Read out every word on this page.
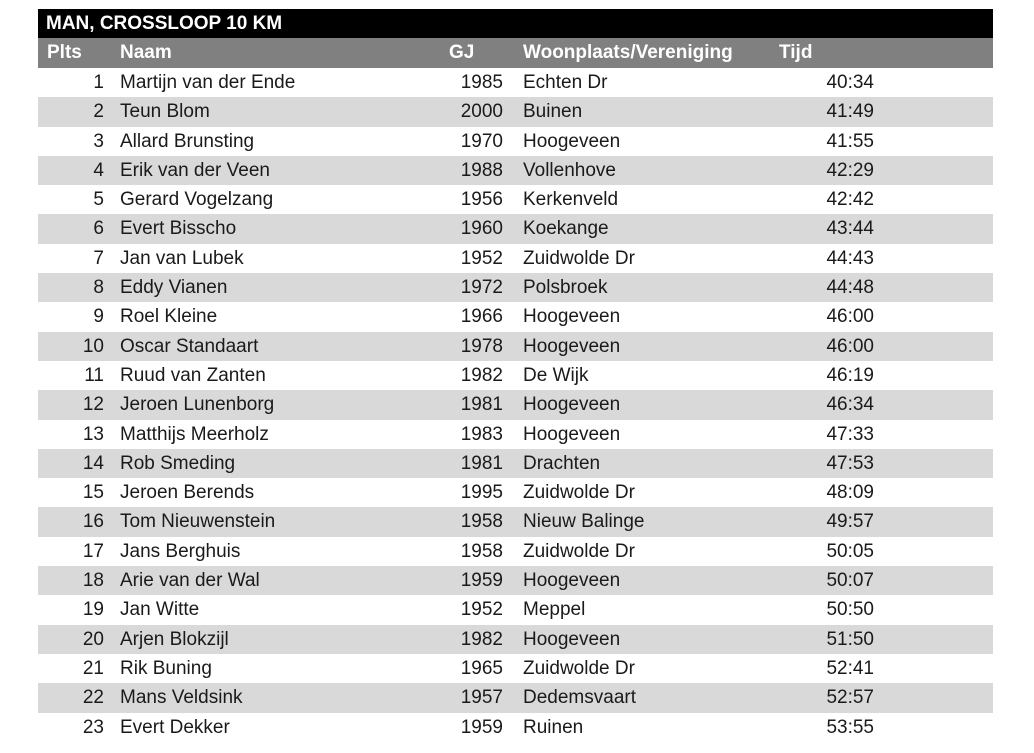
MAN, CROSSLOOP 10 KM
Plts Naam	GJ	Woonplaats/Vereniging Tijd
1 Martijn van der Ende	1985 Echten Dr	40:34
2 Teun Blom	2000 Buinen	41:49
3 Allard Brunsting	1970 Hoogeveen	41:55
4 Erik van der Veen	1988 Vollenhove	42:29
5 Gerard Vogelzang	1956 Kerkenveld	42:42
6 Evert Bisscho	1960 Koekange	43:44
7 Jan van Lubek	1952 Zuidwolde Dr	44:43
8 Eddy Vianen	1972 Polsbroek	44:48
9 Roel Kleine	1966 Hoogeveen	46:00
10 Oscar Standaart	1978 Hoogeveen	46:00
11 Ruud van Zanten	1982 De Wijk	46:19
12 Jeroen Lunenborg	1981 Hoogeveen	46:34
13 Matthijs Meerholz	1983 Hoogeveen	47:33
14 Rob Smeding	1981 Drachten	47:53
15 Jeroen Berends	1995 Zuidwolde Dr	48:09
16 Tom Nieuwenstein	1958 Nieuw Balinge	49:57
17 Jans Berghuis	1958 Zuidwolde Dr	50:05
18 Arie van der Wal	1959 Hoogeveen	50:07
19 Jan Witte	1952 Meppel	50:50
20 Arjen Blokzijl	1982 Hoogeveen	51:50
21 Rik Buning	1965 Zuidwolde Dr	52:41
22 Mans Veldsink	1957 Dedemsvaart	52:57
23 Evert Dekker	1959 Ruinen	53:55
